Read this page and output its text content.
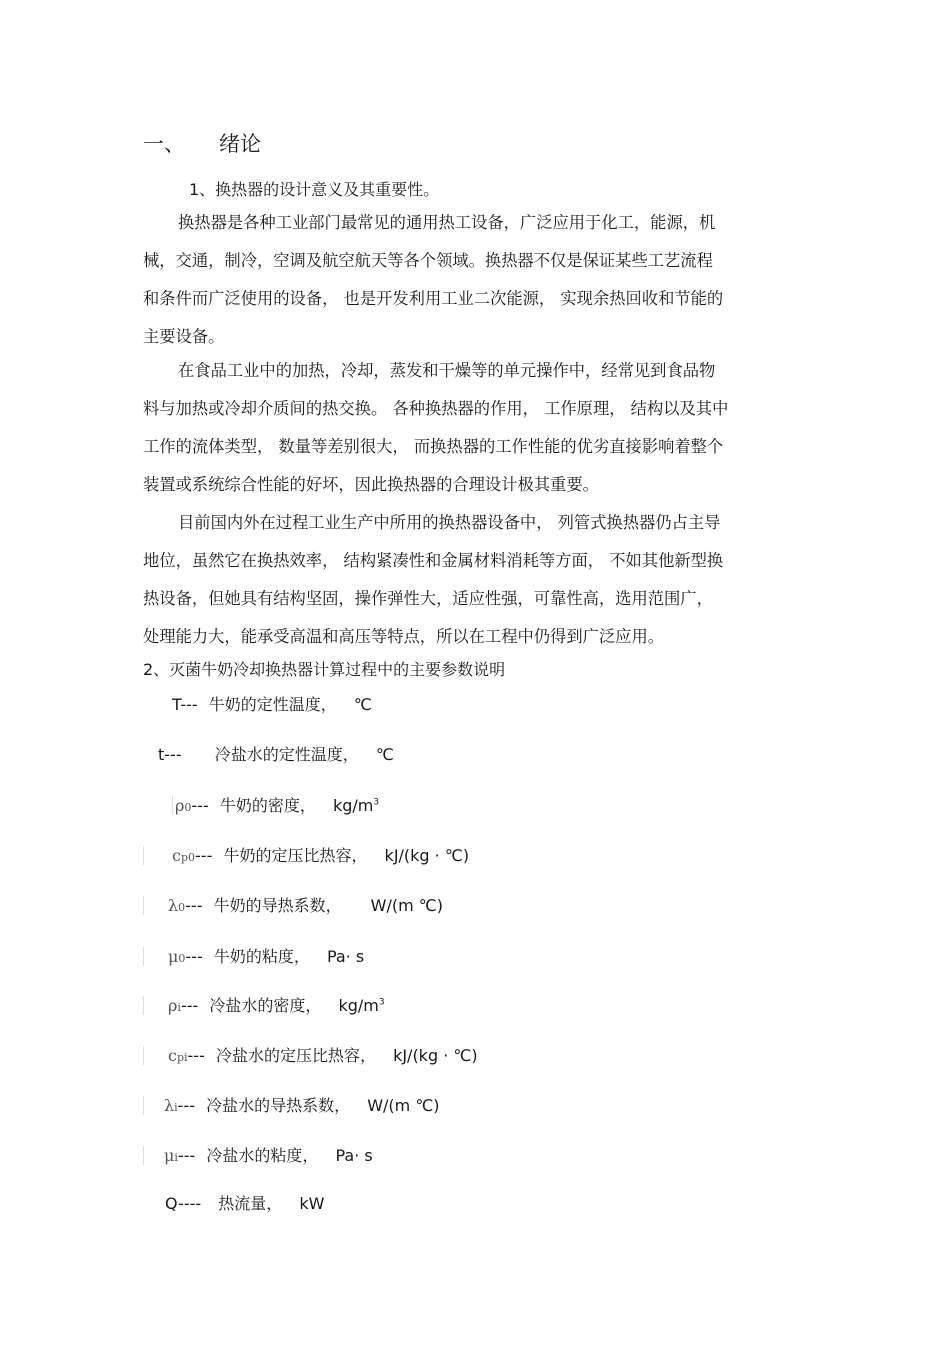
一、 绪论
1、换热器的设计意义及其重要性。
换热器是各种工业部门最常见的通用热工设备，广泛应用于化工，能源，机
械，交通，制冷，空调及航空航天等各个领域。换热器不仅是保证某些工艺流程
和条件而广泛使用的设备， 也是开发利用工业二次能源， 实现余热回收和节能的
主要设备。
在食品工业中的加热，冷却，蒸发和干燥等的单元操作中，经常见到食品物
料与加热或冷却介质间的热交换。 各种换热器的作用， 工作原理， 结构以及其中
工作的流体类型， 数量等差别很大， 而换热器的工作性能的优劣直接影响着整个
装置或系统综合性能的好坏，因此换热器的合理设计极其重要。
目前国内外在过程工业生产中所用的换热器设备中， 列管式换热器仍占主导
地位，虽然它在换热效率， 结构紧凑性和金属材料消耗等方面， 不如其他新型换
热设备，但她具有结构坚固，操作弹性大，适应性强，可靠性高，选用范围广，
处理能力大，能承受高温和高压等特点，所以在工程中仍得到广泛应用。
2、灭菌牛奶冷却换热器计算过程中的主要参数说明
T--- 牛奶的定性温度， ℃
t--- 冷盐水的定性温度， ℃
ρ0--- 牛奶的密度， $kg/m^3$
cp0--- 牛奶的定压比热容， kJ/(kg · ℃)
λ0--- 牛奶的导热系数， W/(m ℃)
μ0--- 牛奶的粘度， Pa· s
ρi--- 冷盐水的密度， $kg/m^3$
cpi--- 冷盐水的定压比热容， kJ/(kg · ℃)
λi--- 冷盐水的导热系数， W/(m ℃)
μi--- 冷盐水的粘度， Pa· s
Q---- 热流量， kW
